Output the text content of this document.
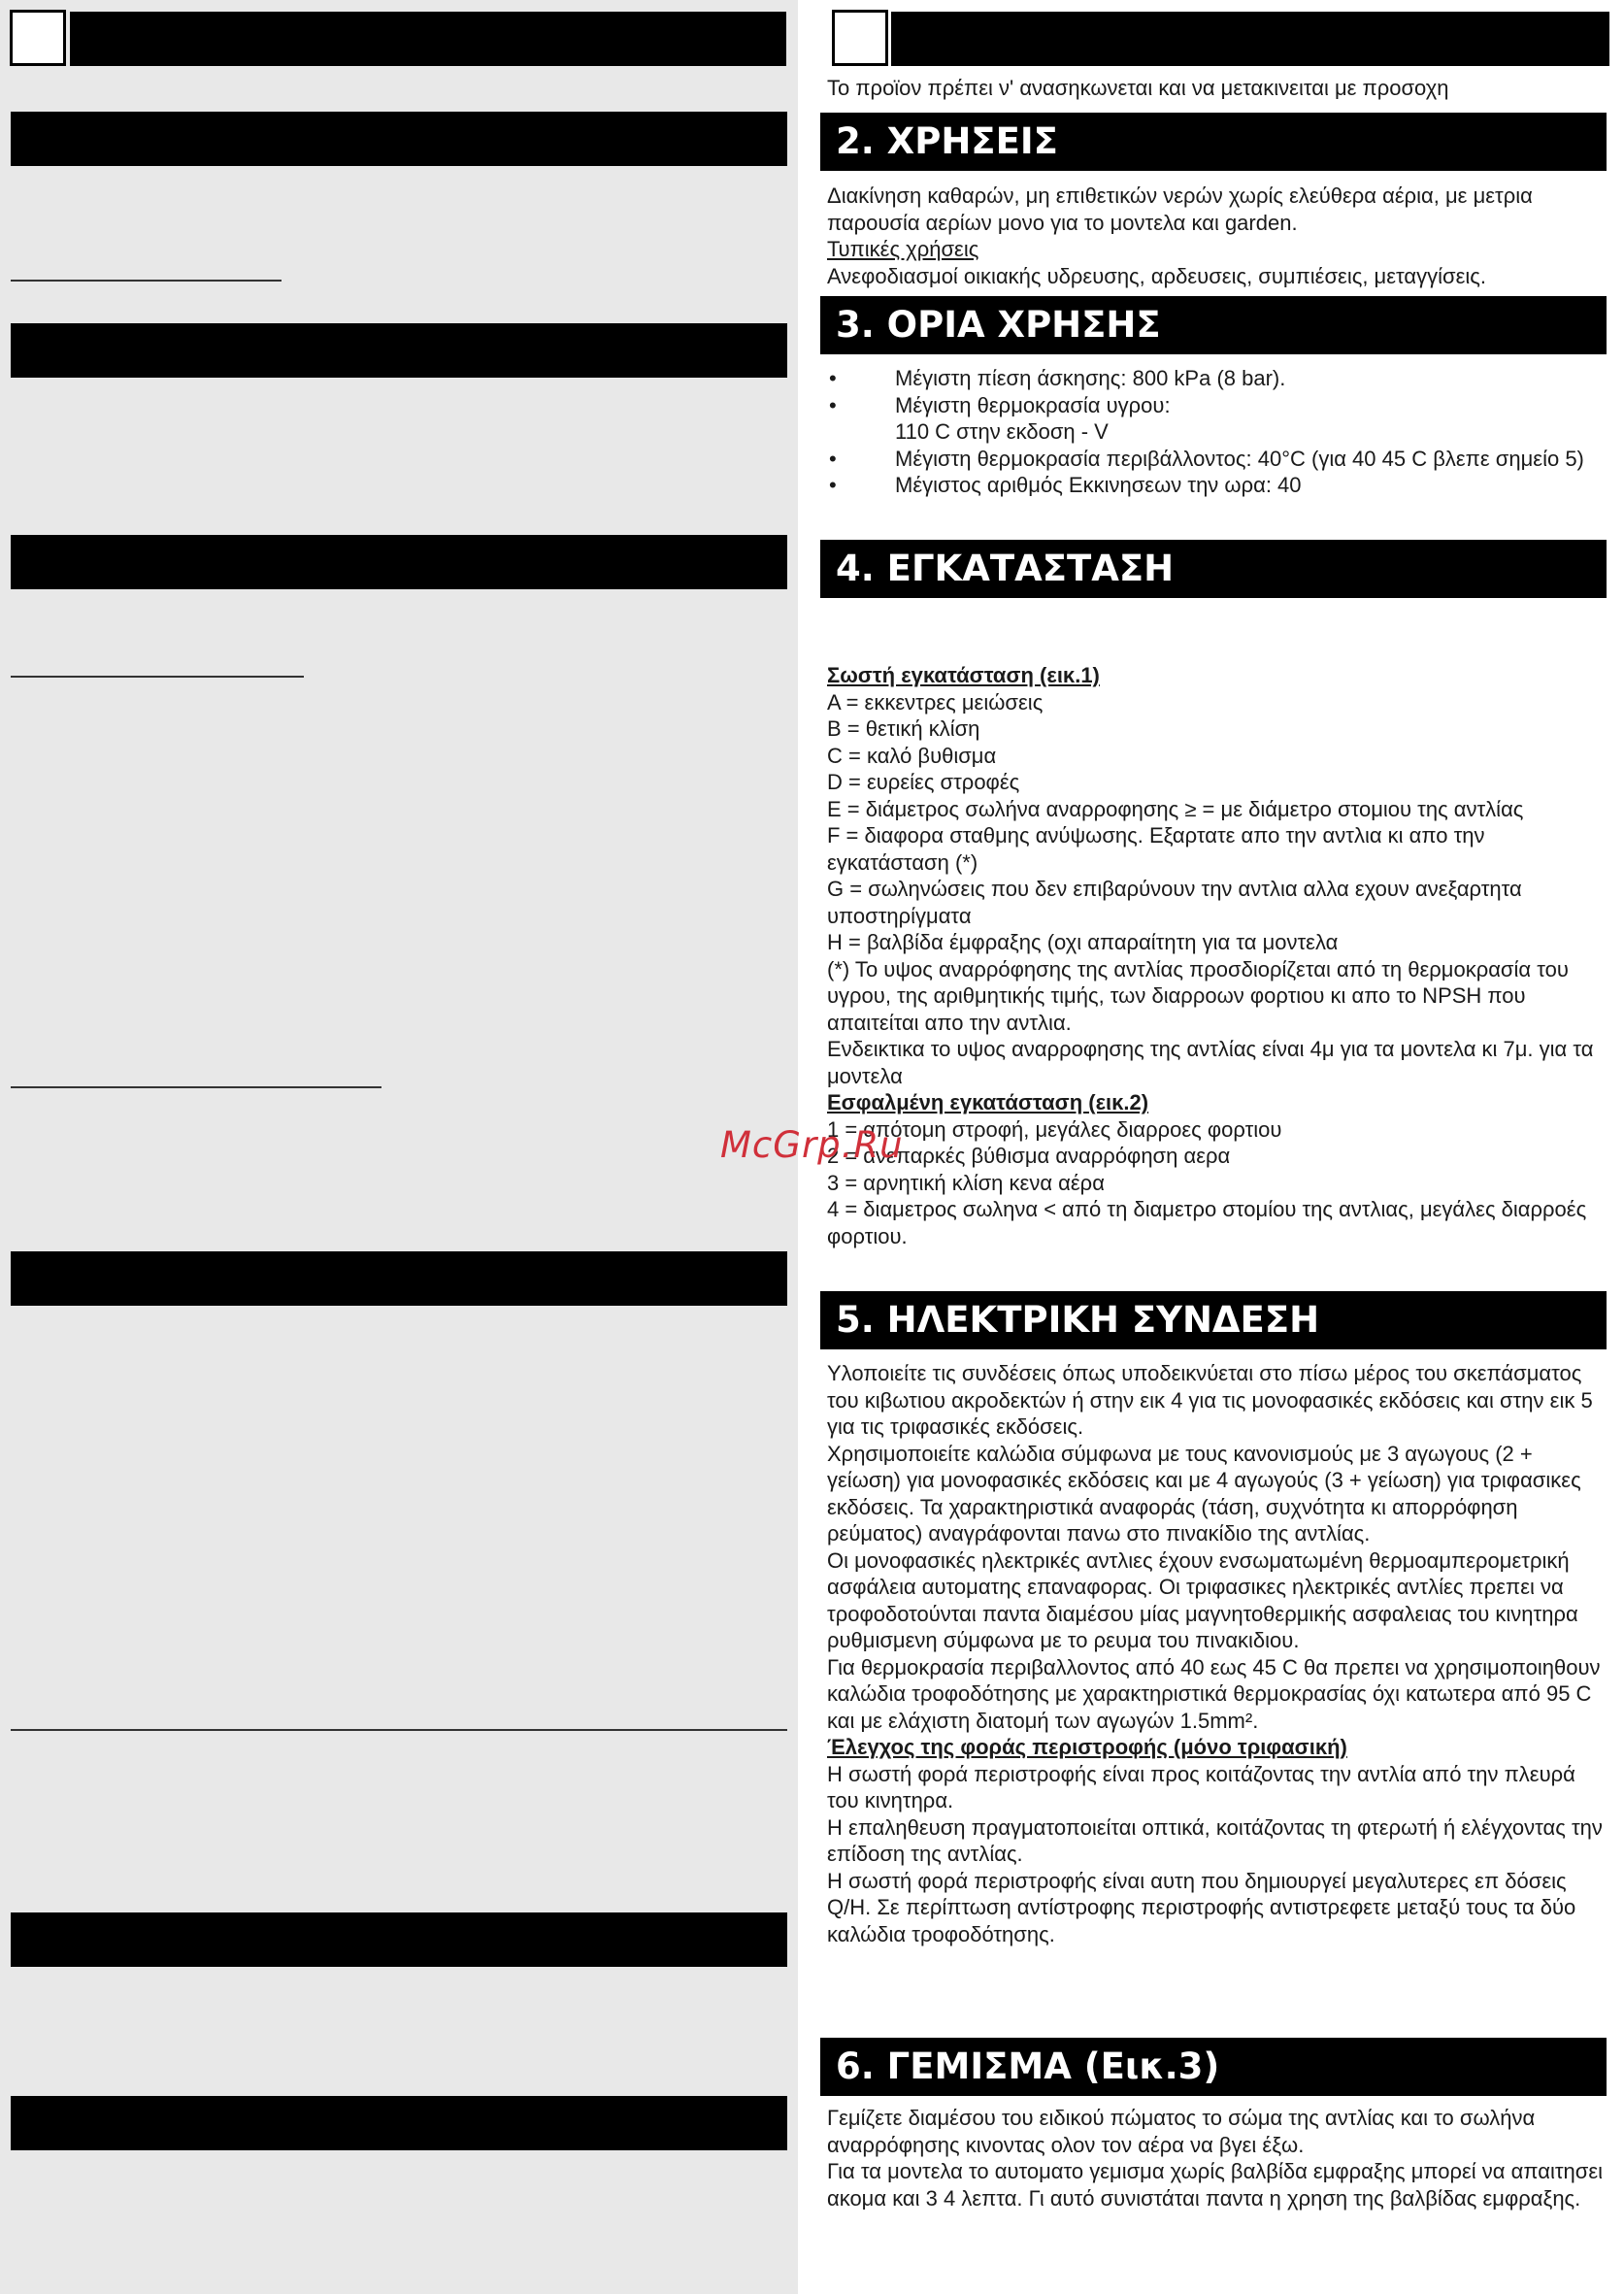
Το προϊον πρέπει ν' ανασηκωνεται και να μετακινειται με προσοχη

2. ΧΡΗΣΕΙΣ

Διακίνηση καθαρών, μη επιθετικών νερών χωρίς ελεύθερα αέρια, με μετρια παρουσία αερίων μονο για το μοντελα και garden.

Τυπικές χρήσεις

Ανεφοδιασμοί οικιακής υδρευσης, αρδευσεις, συμπιέσεις, μεταγγίσεις.

3. ΟΡΙΑ ΧΡΗΣΗΣ
• Μέγιστη πίεση άσκησης: 800 kPa (8 bar).
• Μέγιστη θερμοκρασία υγρου:
110 C στην εκδοση - V
• Μέγιστη θερμοκρασία περιβάλλοντος: 40°C (για 40 45 C βλεπε σημείο 5)
• Μέγιστος αριθμός Εκκινησεων την ωρα: 40
4. ΕΓΚΑΤΑΣΤΑΣΗ

Σωστή εγκατάσταση (εικ.1)

A = εκκεντρες μειώσεις

B = θετική κλίση

C = καλό βυθισμα

D = ευρείες στροφές

E = διάμετρος σωλήνα αναρροφησης ≥ = με διάμετρο στομιου της αντλίας

F = διαφορα σταθμης ανύψωσης. Εξαρτατε απο την αντλια κι απο την εγκατάσταση (*)

G = σωληνώσεις που δεν επιβαρύνουν την αντλια αλλα εχουν ανεξαρτητα υποστηρίγματα

H = βαλβίδα έμφραξης (οχι απαραίτητη για τα μοντελα

(*) Το υψος αναρρόφησης της αντλίας προσδιορίζεται από τη θερμοκρασία του υγρου, της αριθμητικής τιμής, των διαρροων φορτιου κι απο το NPSH που απαιτείται απο την αντλια.

Ενδεικτικα το υψος αναρροφησης της αντλίας είναι 4μ για τα μοντελα κι 7μ. για τα μοντελα

Εσφαλμένη εγκατάσταση (εικ.2)

1 = απότομη στροφή, μεγάλες διαρροες φορτιου

2 = ανεπαρκές βύθισμα αναρρόφηση αερα

3 = αρνητική κλίση κενα αέρα

4 = διαμετρος σωληνα < από τη διαμετρο στομίου της αντλιας, μεγάλες διαρροές φορτιου.

5. ΗΛΕΚΤΡΙΚΗ ΣΥΝΔΕΣΗ

Υλοποιείτε τις συνδέσεις όπως υποδεικνύεται στο πίσω μέρος του σκεπάσματος του κιβωτιου ακροδεκτών ή στην εικ 4 για τις μονοφασικές εκδόσεις και στην εικ 5 για τις τριφασικές εκδόσεις.

Χρησιμοποιείτε καλώδια σύμφωνα με τους κανονισμούς με 3 αγωγους (2 + γείωση) για μονοφασικές εκδόσεις και με 4 αγωγούς (3 + γείωση) για τριφασικες εκδόσεις. Τα χαρακτηριστικά αναφοράς (τάση, συχνότητα κι απορρόφηση ρεύματος) αναγράφονται πανω στο πινακίδιο της αντλίας.

Οι μονοφασικές ηλεκτρικές αντλιες έχουν ενσωματωμένη θερμοαμπερομετρική ασφάλεια αυτοματης επαναφορας. Οι τριφασικες ηλεκτρικές αντλίες πρεπει να τροφοδοτούνται παντα διαμέσου μίας μαγνητοθερμικής ασφαλειας του κινητηρα ρυθμισμενη σύμφωνα με το ρευμα του πινακιδιου.

Για θερμοκρασία περιβαλλοντος από 40 εως 45 C θα πρεπει να χρησιμοποιηθουν καλώδια τροφοδότησης με χαρακτηριστικά θερμοκρασίας όχι κατωτερα από 95 C και με ελάχιστη διατομή των αγωγών 1.5mm².

Έλεγχος της φοράς περιστροφής (μόνο τριφασική)

Η σωστή φορά περιστροφής είναι προς κοιτάζοντας την αντλία από την πλευρά του κινητηρα.

Η επαληθευση πραγματοποιείται οπτικά, κοιτάζοντας τη φτερωτή ή ελέγχοντας την επίδοση της αντλίας.

Η σωστή φορά περιστροφής είναι αυτη που δημιουργεί μεγαλυτερες επ δόσεις Q/H. Σε περίπτωση αντίστροφης περιστροφής αντιστρεφετε μεταξύ τους τα δύο καλώδια τροφοδότησης.

6. ΓΕΜΙΣΜΑ (Εικ.3)

Γεμίζετε διαμέσου του ειδικού πώματος το σώμα της αντλίας και το σωλήνα αναρρόφησης κινοντας ολον τον αέρα να βγει έξω.

Για τα μοντελα το αυτοματο γεμισμα χωρίς βαλβίδα εμφραξης μπορεί να απαιτησει ακομα και 3 4 λεπτα. Γι αυτό συνιστάται παντα η χρηση της βαλβίδας εμφραξης.

McGrp.Ru
